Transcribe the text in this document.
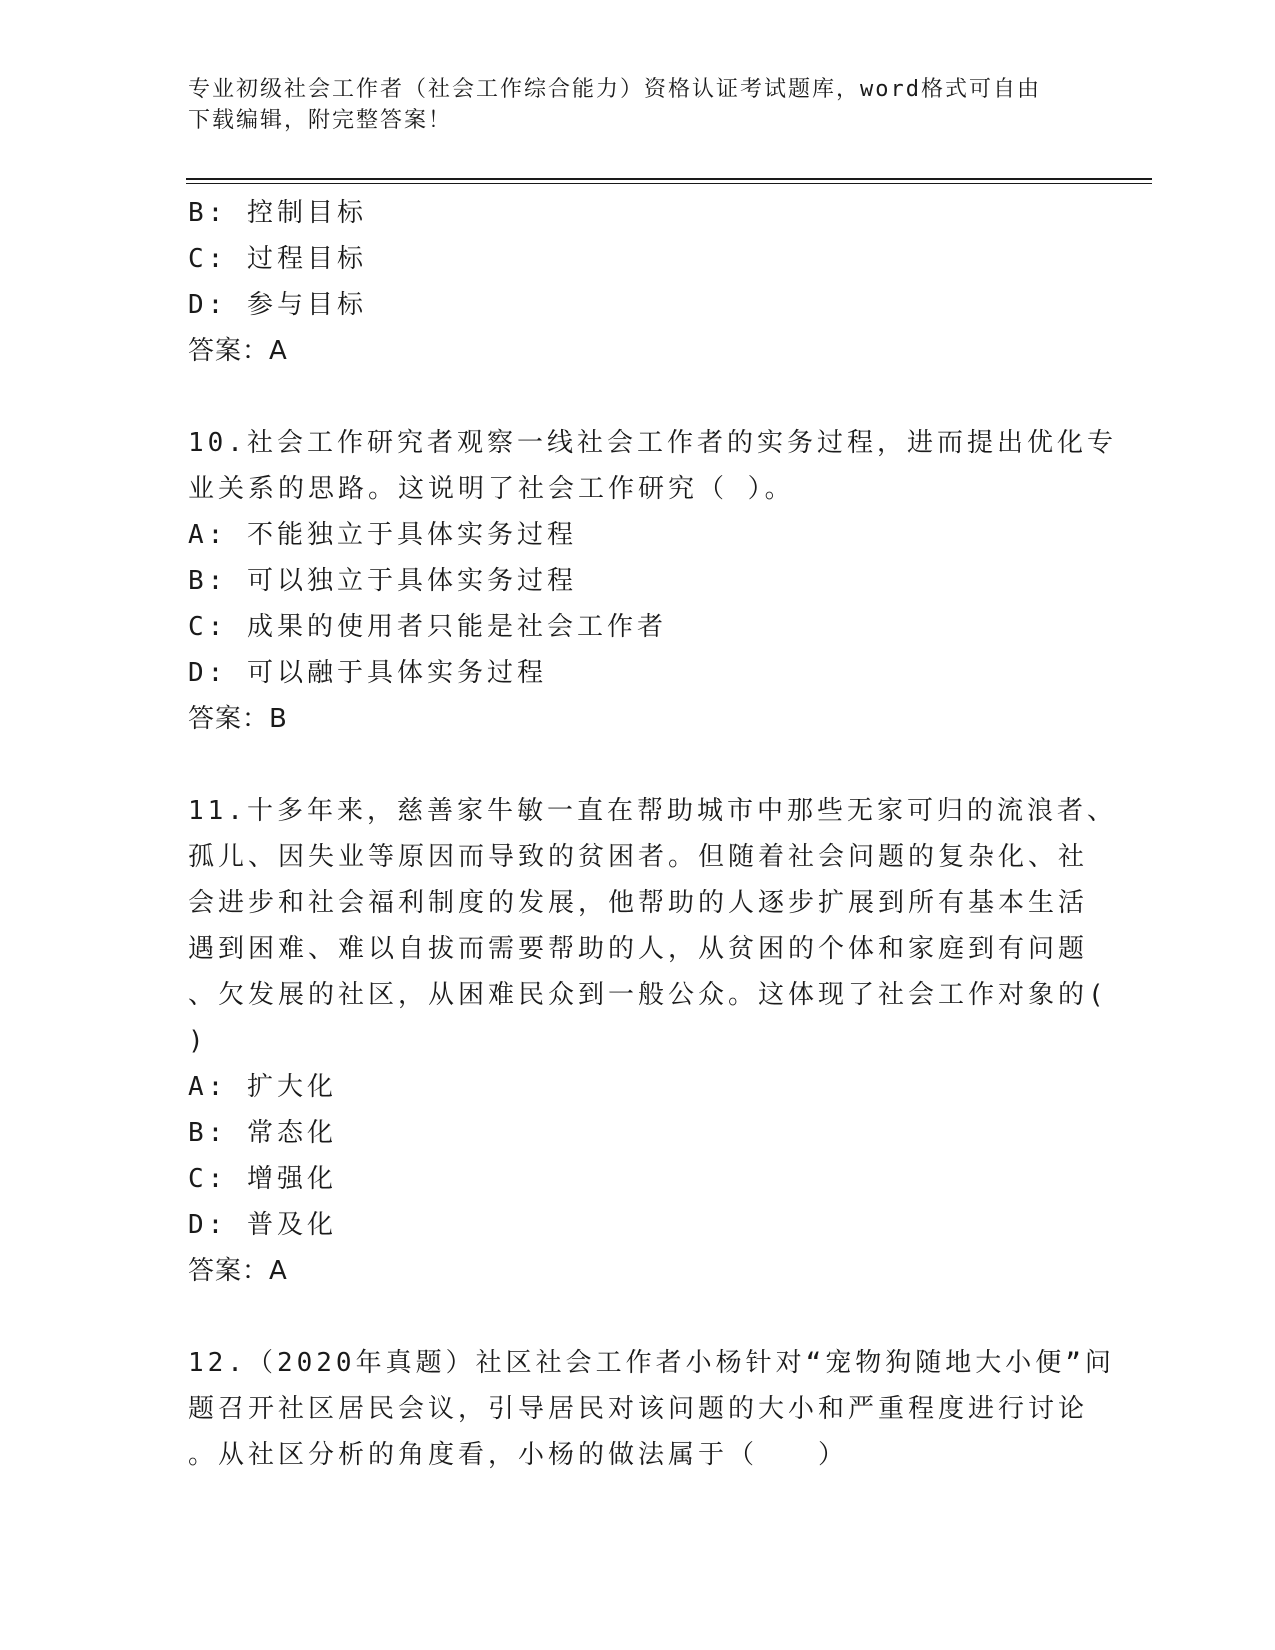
专业初级社会工作者（社会工作综合能力）资格认证考试题库，word格式可自由
下载编辑，附完整答案！
B: 控制目标
C: 过程目标
D: 参与目标
答案：A
10.社会工作研究者观察一线社会工作者的实务过程，进而提出优化专
业关系的思路。这说明了社会工作研究（ ）。
A: 不能独立于具体实务过程
B: 可以独立于具体实务过程
C: 成果的使用者只能是社会工作者
D: 可以融于具体实务过程
答案：B
11.十多年来，慈善家牛敏一直在帮助城市中那些无家可归的流浪者、
孤儿、因失业等原因而导致的贫困者。但随着社会问题的复杂化、社
会进步和社会福利制度的发展，他帮助的人逐步扩展到所有基本生活
遇到困难、难以自拔而需要帮助的人，从贫困的个体和家庭到有问题
、欠发展的社区，从困难民众到一般公众。这体现了社会工作对象的(
)
A: 扩大化
B: 常态化
C: 增强化
D: 普及化
答案：A
12.（2020年真题）社区社会工作者小杨针对“宠物狗随地大小便”问
题召开社区居民会议，引导居民对该问题的大小和严重程度进行讨论
。从社区分析的角度看，小杨的做法属于（　　）
